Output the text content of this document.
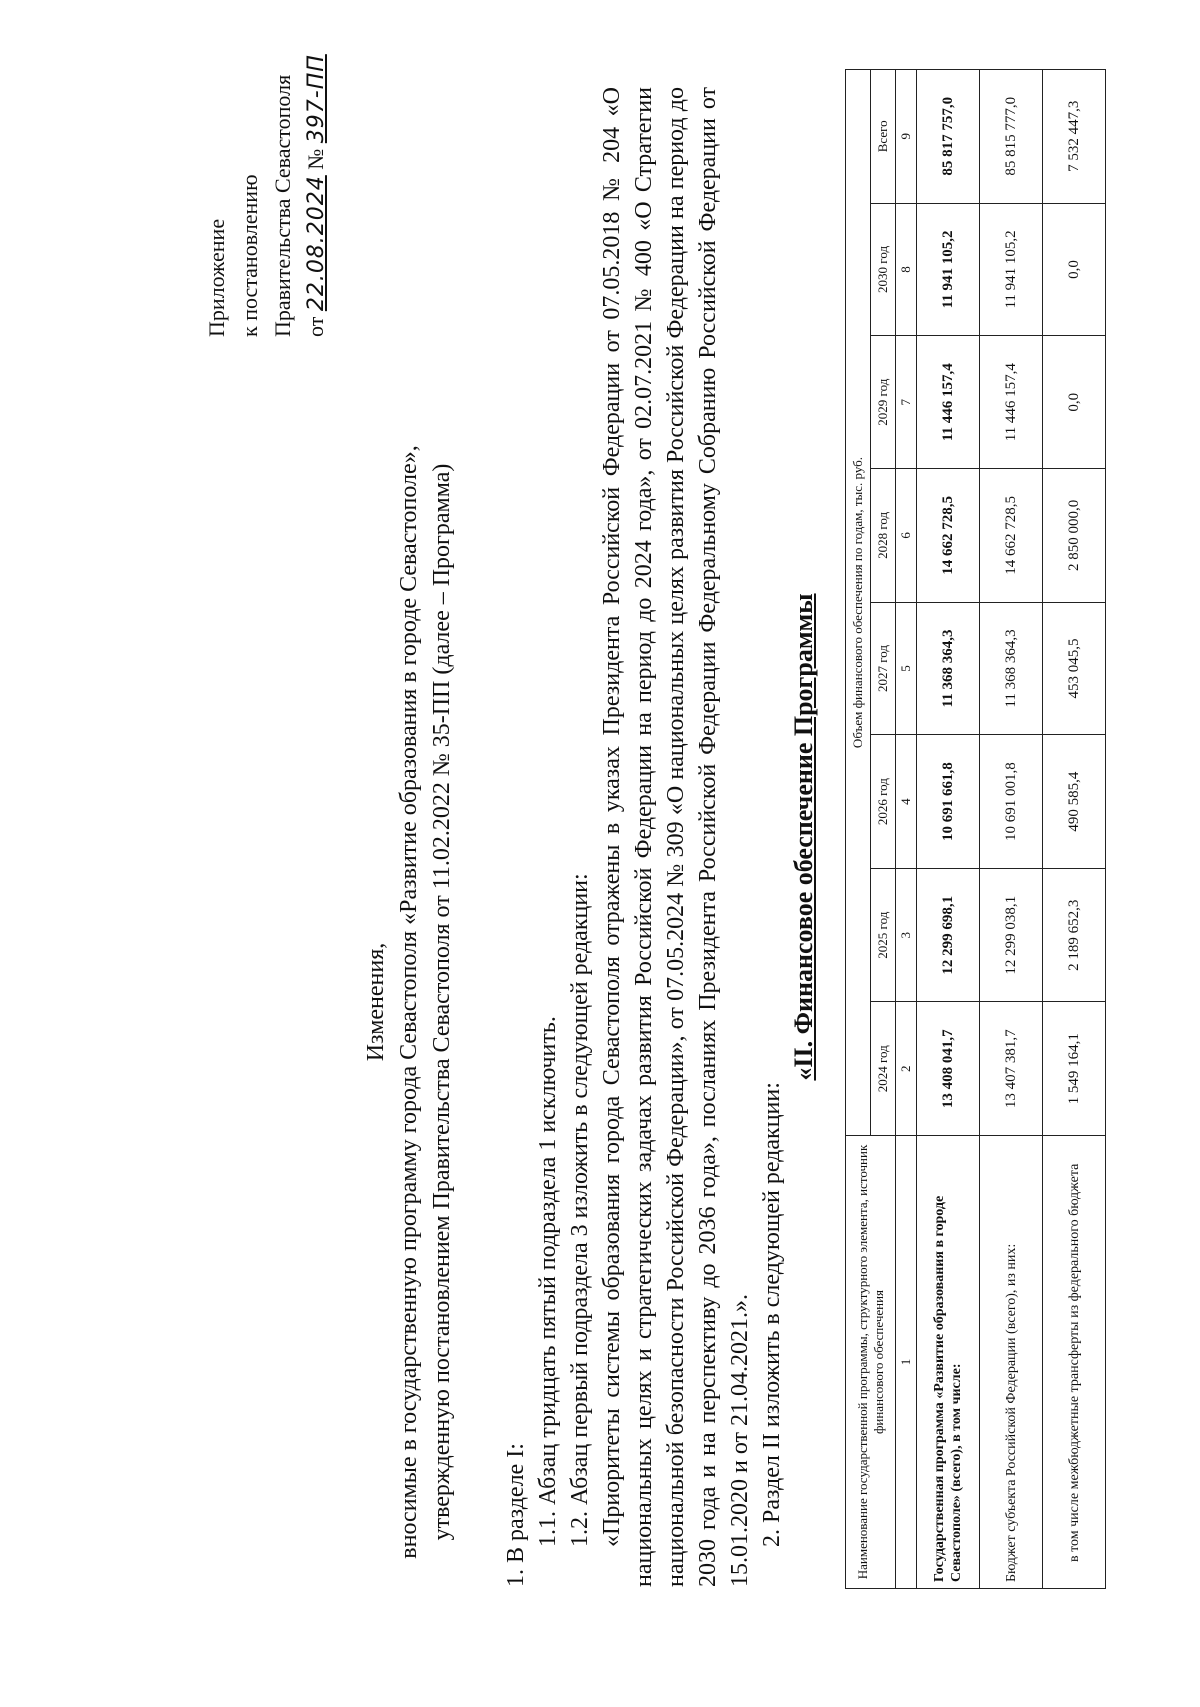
Приложение к постановлению Правительства Севастополя от 22.08.2024 № 397-ПП
Изменения, вносимые в государственную программу города Севастополя «Развитие образования в городе Севастополе», утвержденную постановлением Правительства Севастополя от 11.02.2022 № 35-ПП (далее – Программа) 1. В разделе I: 1.1. Абзац тридцать пятый подраздела 1 исключить. 1.2. Абзац первый подраздела 3 изложить в следующей редакции: «Приоритеты системы образования города Севастополя отражены в указах Президента Российской Федерации от 07.05.2018 № 204 «О национальных целях и стратегических задачах развития Российской Федерации на период до 2024 года», от 02.07.2021 № 400 «О Стратегии национальной безопасности Российской Федерации», от 07.05.2024 № 309 «О национальных целях развития Российской Федерации на период до 2030 года и на перспективу до 2036 года», посланиях Президента Российской Федерации Федеральному Собранию Российской Федерации от 15.01.2020 и от 21.04.2021.». 2. Раздел II изложить в следующей редакции:

«II. Финансовое обеспечение Программы

Наименование государственной программы, структурного элемента, источник финансового обеспечения	Объем финансового обеспечения по годам, тыс. руб.							
	2024 год	2025 год	2026 год	2027 год	2028 год	2029 год	2030 год	Всего
1	2	3	4	5	6	7	8	9
Государственная программа «Развитие образования в городе Севастополе» (всего), в том числе:	13 408 041,7	12 299 698,1	10 691 661,8	11 368 364,3	14 662 728,5	11 446 157,4	11 941 105,2	85 817 757,0
Бюджет субъекта Российской Федерации (всего), из них:	13 407 381,7	12 299 038,1	10 691 001,8	11 368 364,3	14 662 728,5	11 446 157,4	11 941 105,2	85 815 777,0
в том числе межбюджетные трансферты из федерального бюджета	1 549 164,1	2 189 652,3	490 585,4	453 045,5	2 850 000,0	0,0	0,0	7 532 447,3
